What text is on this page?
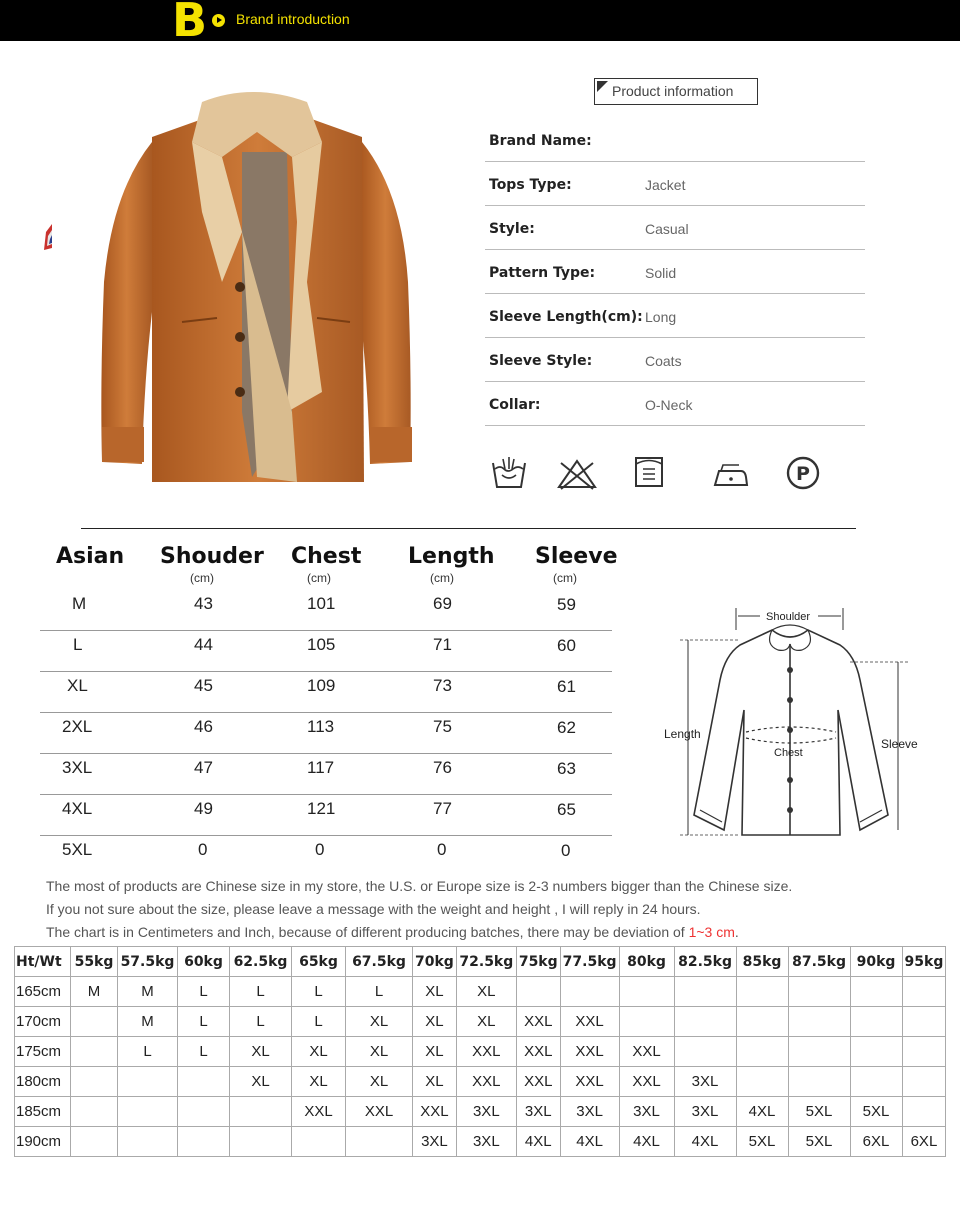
B Brand introduction
Product information
Brand Name:
Tops Type:	Jacket
Style:	Casual
Pattern Type:	Solid
Sleeve Length(cm): Long
Sleeve Style:	Coats
Collar:	O-Neck
P
Asian Shouder Chest Length Sleeve
(cm)	(cm)	(cm)	(cm)
M	43	101	69	59
L	44	105	71	60
XL	45	109	73	61
2XL	46	113	75	62
3XL	47	117	76	63
4XL	49	121	77	65
5XL	0	0	0	0
Shoulder
Length
Chest
Sleeve
The most of products are Chinese size in my store, the U.S. or Europe size is 2-3 numbers bigger than the Chinese size.
If you not sure about the size, please leave a message with the weight and height , I will reply in 24 hours.
The chart is in Centimeters and Inch, because of different producing batches, there may be deviation of 1~3 cm.
Ht/Wt	55kg	57.5kg	60kg	62.5kg	65kg	67.5kg	70kg	72.5kg	75kg	77.5kg	80kg	82.5kg	85kg	87.5kg	90kg	95kg
165cm	M	M	L	L	L	L	XL	XL								
170cm		M	L	L	L	XL	XL	XL	XXL	XXL						
175cm		L	L	XL	XL	XL	XL	XXL	XXL	XXL	XXL					
180cm				XL	XL	XL	XL	XXL	XXL	XXL	XXL	3XL				
185cm					XXL	XXL	XXL	3XL	3XL	3XL	3XL	3XL	4XL	5XL	5XL	
190cm							3XL	3XL	4XL	4XL	4XL	4XL	5XL	5XL	6XL	6XL
